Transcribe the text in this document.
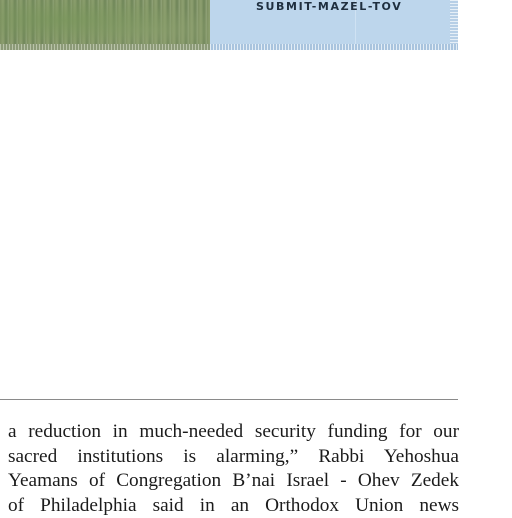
SUBMIT-MAZEL-TOV
a reduction in much-needed security funding for our
sacred institutions is alarming,” Rabbi Yehoshua
Yeamans of Congregation B’nai Israel - Ohev Zedek
of Philadelphia said in an Orthodox Union news
